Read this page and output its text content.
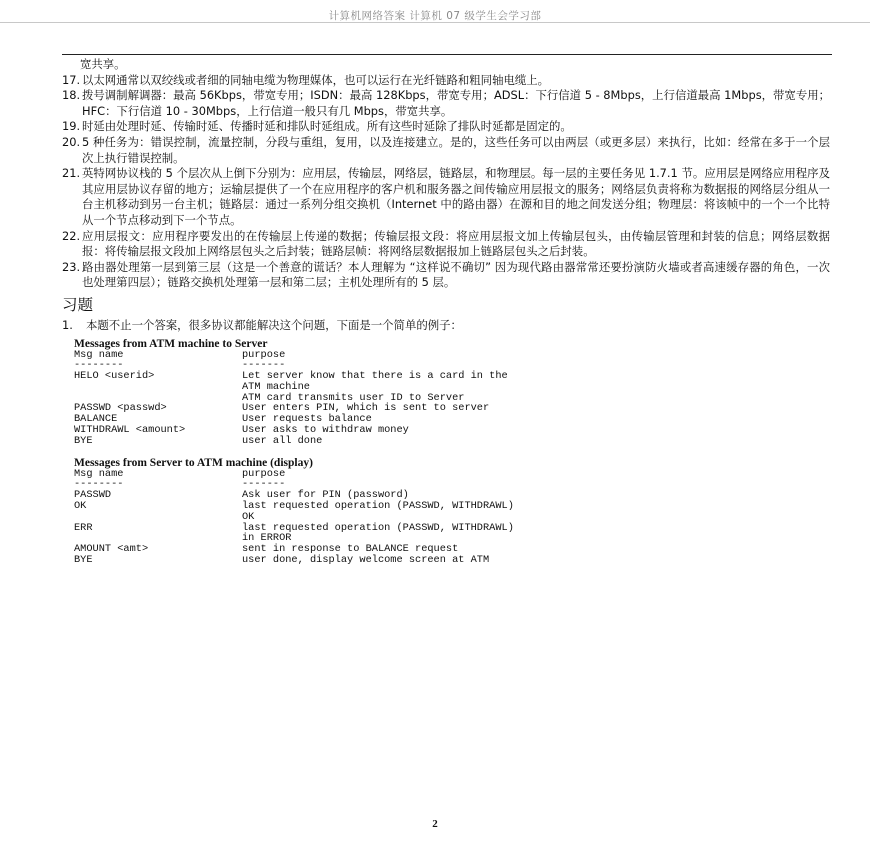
计算机网络答案 计算机 07 级学生会学习部
宽共享。
17. 以太网通常以双绞线或者细的同轴电缆为物理媒体，也可以运行在光纤链路和粗同轴电缆上。
18. 拨号调制解调器：最高 56Kbps，带宽专用；ISDN：最高 128Kbps，带宽专用；ADSL：下行信道 5 - 8Mbps，上行信道最高 1Mbps，带宽专用；HFC：下行信道 10 - 30Mbps，上行信道一般只有几 Mbps，带宽共享。
19. 时延由处理时延、传输时延、传播时延和排队时延组成。所有这些时延除了排队时延都是固定的。
20. 5 种任务为：错误控制，流量控制，分段与重组，复用，以及连接建立。是的，这些任务可以由两层（或更多层）来执行，比如：经常在多于一个层次上执行错误控制。
21. 英特网协议栈的 5 个层次从上倒下分别为：应用层，传输层，网络层，链路层，和物理层。每一层的主要任务见 1.7.1 节。应用层是网络应用程序及其应用层协议存留的地方；运输层提供了一个在应用程序的客户机和服务器之间传输应用层报文的服务；网络层负责将称为数据报的网络层分组从一台主机移动到另一台主机；链路层：通过一系列分组交换机（Internet 中的路由器）在源和目的地之间发送分组；物理层：将该帧中的一个一个比特从一个节点移动到下一个节点。
22. 应用层报文：应用程序要发出的在传输层上传递的数据；传输层报文段：将应用层报文加上传输层包头，由传输层管理和封装的信息；网络层数据报：将传输层报文段加上网络层包头之后封装；链路层帧：将网络层数据报加上链路层包头之后封装。
23. 路由器处理第一层到第三层（这是一个善意的谎话？本人理解为 “这样说不确切” 因为现代路由器常常还要扮演防火墙或者高速缓存器的角色，一次也处理第四层）；链路交换机处理第一层和第二层；主机处理所有的 5 层。
习题
1. 本题不止一个答案，很多协议都能解决这个问题，下面是一个简单的例子：
Messages from ATM machine to Server
Msg name	purpose
--------	-------
HELO <userid>	Let server know that there is a card in the
ATM machine
ATM card transmits user ID to Server
PASSWD <passwd>	User enters PIN, which is sent to server
BALANCE	User requests balance
WITHDRAWL <amount>	User asks to withdraw money
BYE	user all done
Messages from Server to ATM machine (display)
Msg name	purpose
--------	-------
PASSWD	Ask user for PIN (password)
OK	last requested operation (PASSWD, WITHDRAWL)
OK
ERR	last requested operation (PASSWD, WITHDRAWL)
in ERROR
AMOUNT <amt>	sent in response to BALANCE request
BYE	user done, display welcome screen at ATM
2
